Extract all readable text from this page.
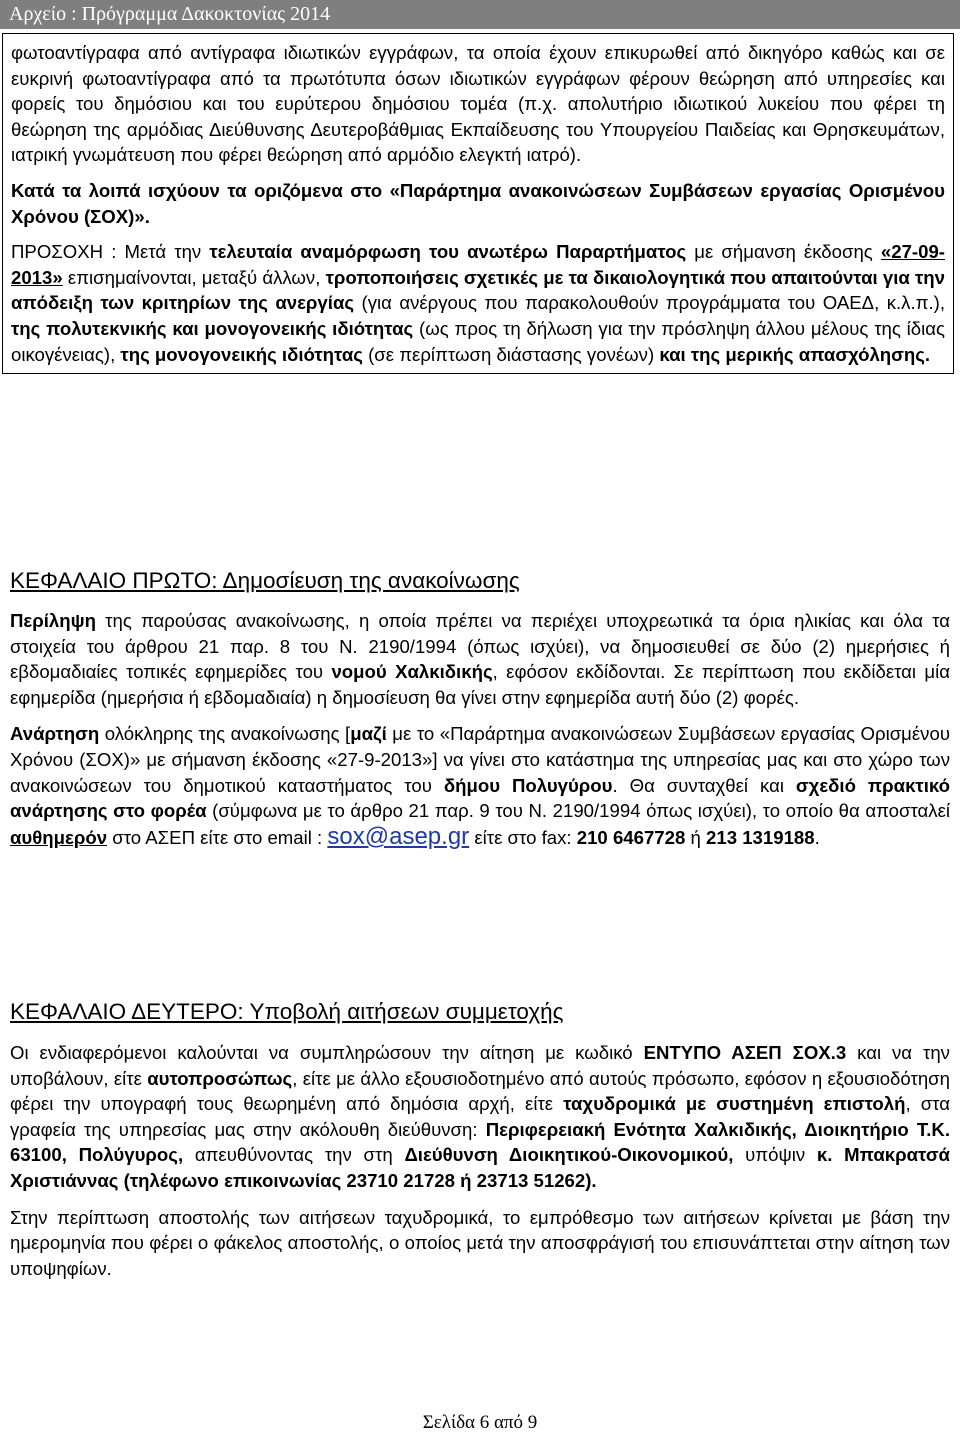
Αρχείο : Πρόγραμμα Δακοκτονίας 2014

φωτοαντίγραφα από αντίγραφα ιδιωτικών εγγράφων, τα οποία έχουν επικυρωθεί από δικηγόρο καθώς και σε ευκρινή φωτοαντίγραφα από τα πρωτότυπα όσων ιδιωτικών εγγράφων φέρουν θεώρηση από υπηρεσίες και φορείς του δημόσιου και του ευρύτερου δημόσιου τομέα (π.χ. απολυτήριο ιδιωτικού λυκείου που φέρει τη θεώρηση της αρμόδιας Διεύθυνσης Δευτεροβάθμιας Εκπαίδευσης του Υπουργείου Παιδείας και Θρησκευμάτων, ιατρική γνωμάτευση που φέρει θεώρηση από αρμόδιο ελεγκτή ιατρό).

Κατά τα λοιπά ισχύουν τα οριζόμενα στο «Παράρτημα ανακοινώσεων Συμβάσεων εργασίας Ορισμένου Χρόνου (ΣΟΧ)».

ΠΡΟΣΟΧΗ : Μετά την τελευταία αναμόρφωση του ανωτέρω Παραρτήματος με σήμανση έκδοσης «27-09-2013» επισημαίνονται, μεταξύ άλλων, τροποποιήσεις σχετικές με τα δικαιολογητικά που απαιτούνται για την απόδειξη των κριτηρίων της ανεργίας (για ανέργους που παρακολουθούν προγράμματα του ΟΑΕΔ, κ.λ.π.), της πολυτεκνικής και μονογονεικής ιδιότητας (ως προς τη δήλωση για την πρόσληψη άλλου μέλους της ίδιας οικογένειας), της μονογονεικής ιδιότητας (σε περίπτωση διάστασης γονέων) και της μερικής απασχόλησης.

ΚΕΦΑΛΑΙΟ ΠΡΩΤΟ: Δημοσίευση της ανακοίνωσης

Περίληψη της παρούσας ανακοίνωσης, η οποία πρέπει να περιέχει υποχρεωτικά τα όρια ηλικίας και όλα τα στοιχεία του άρθρου 21 παρ. 8 του Ν. 2190/1994 (όπως ισχύει), να δημοσιευθεί σε δύο (2) ημερήσιες ή εβδομαδιαίες τοπικές εφημερίδες του νομού Χαλκιδικής, εφόσον εκδίδονται. Σε περίπτωση που εκδίδεται μία εφημερίδα (ημερήσια ή εβδομαδιαία) η δημοσίευση θα γίνει στην εφημερίδα αυτή δύο (2) φορές.

Ανάρτηση ολόκληρης της ανακοίνωσης [μαζί με το «Παράρτημα ανακοινώσεων Συμβάσεων εργασίας Ορισμένου Χρόνου (ΣΟΧ)» με σήμανση έκδοσης «27-9-2013»] να γίνει στο κατάστημα της υπηρεσίας μας και στο χώρο των ανακοινώσεων του δημοτικού καταστήματος του δήμου Πολυγύρου. Θα συνταχθεί και σχεδιό πρακτικό ανάρτησης στο φορέα (σύμφωνα με το άρθρο 21 παρ. 9 του Ν. 2190/1994 όπως ισχύει), το οποίο θα αποσταλεί αυθημερόν στο ΑΣΕΠ είτε στο email : sox@asep.gr είτε στο fax: 210 6467728 ή 213 1319188.

ΚΕΦΑΛΑΙΟ ΔΕΥΤΕΡΟ: Υποβολή αιτήσεων συμμετοχής

Οι ενδιαφερόμενοι καλούνται να συμπληρώσουν την αίτηση με κωδικό ΕΝΤΥΠΟ ΑΣΕΠ ΣΟΧ.3 και να την υποβάλουν, είτε αυτοπροσώπως, είτε με άλλο εξουσιοδοτημένο από αυτούς πρόσωπο, εφόσον η εξουσιοδότηση φέρει την υπογραφή τους θεωρημένη από δημόσια αρχή, είτε ταχυδρομικά με συστημένη επιστολή, στα γραφεία της υπηρεσίας μας στην ακόλουθη διεύθυνση: Περιφερειακή Ενότητα Χαλκιδικής, Διοικητήριο Τ.Κ. 63100, Πολύγυρος, απευθύνοντας την στη Διεύθυνση Διοικητικού-Οικονομικού, υπόψιν κ. Μπακρατσά Χριστιάννας (τηλέφωνο επικοινωνίας 23710 21728 ή 23713 51262).

Στην περίπτωση αποστολής των αιτήσεων ταχυδρομικά, το εμπρόθεσμο των αιτήσεων κρίνεται με βάση την ημερομηνία που φέρει ο φάκελος αποστολής, ο οποίος μετά την αποσφράγισή του επισυνάπτεται στην αίτηση των υποψηφίων.

Σελίδα 6 από 9
